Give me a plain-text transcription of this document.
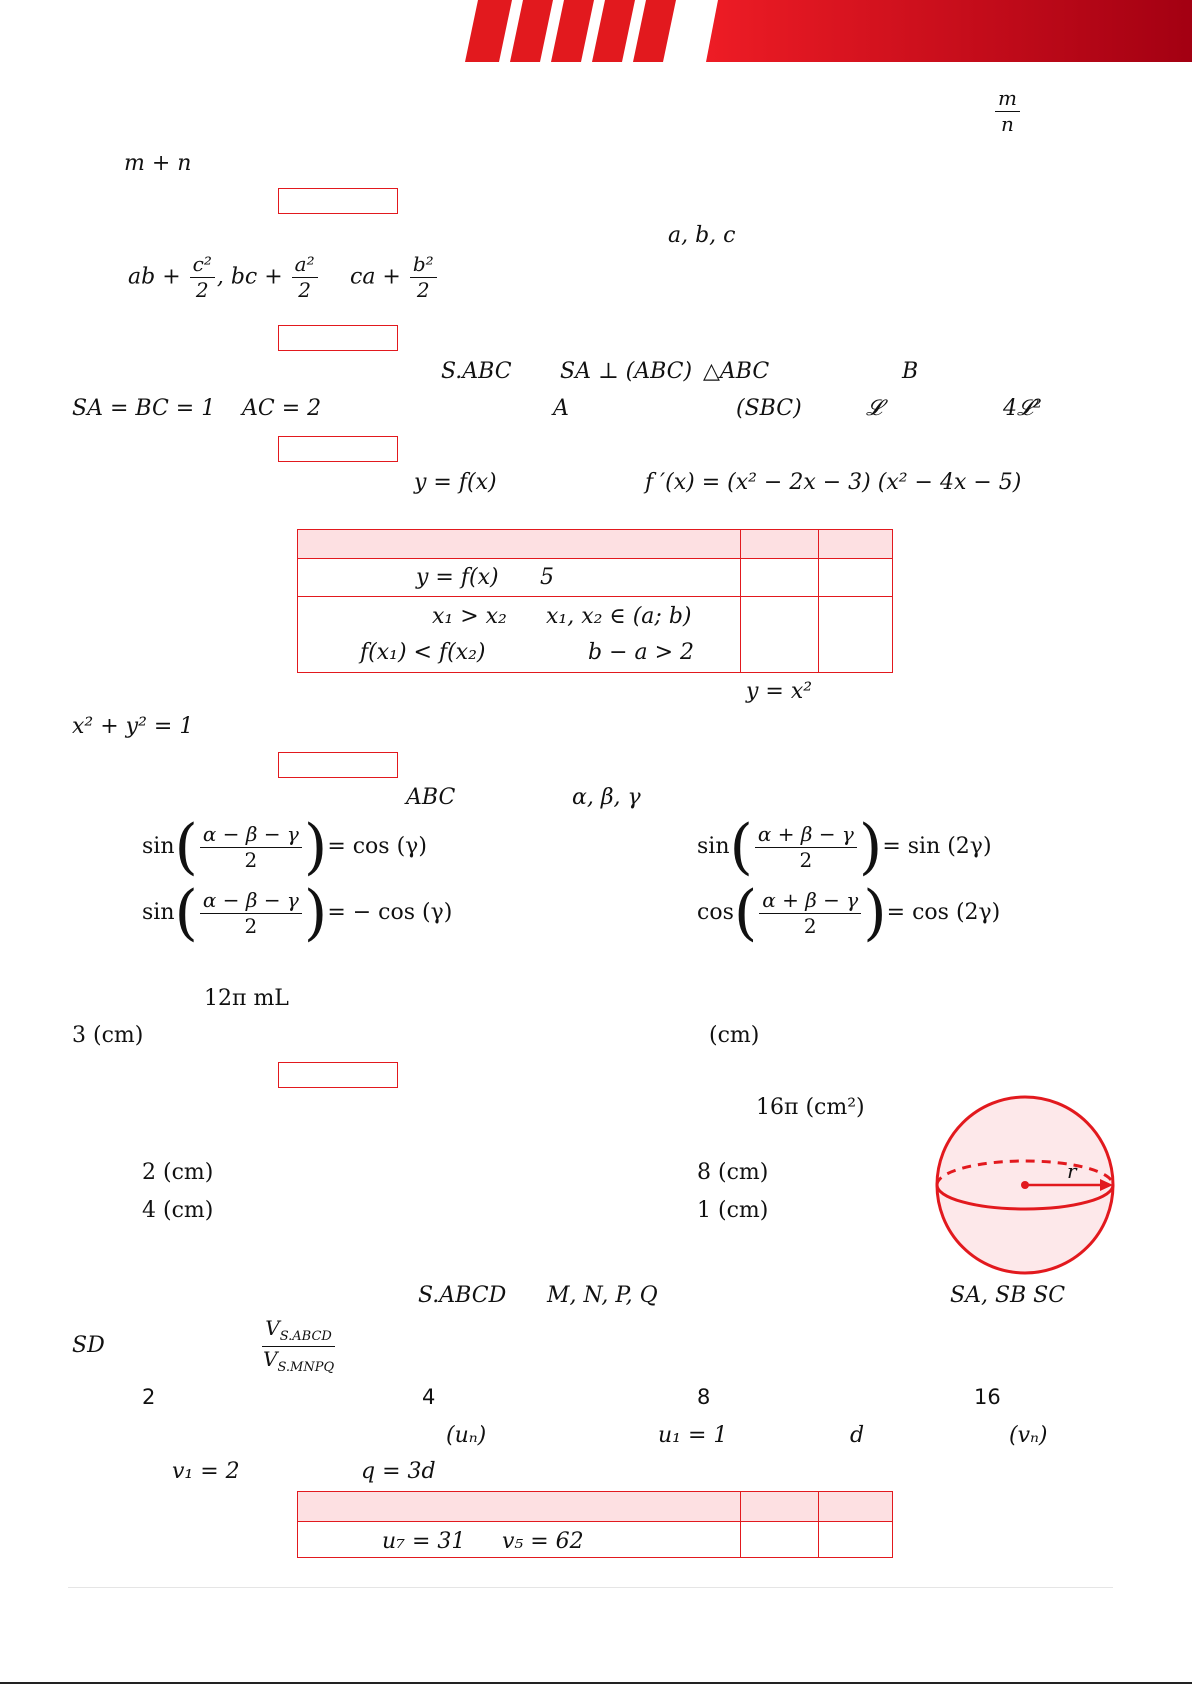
$\frac{m}{n}$
m + n
a, b, c
ab + $\frac{\text{c²}}{2}$ , bc + $\frac{\text{a²}}{2}$ ca + $\frac{\text{b²}}{2}$
S.ABC SA ⊥ (ABC) △ABC	B
SA = BC = 1 AC = 2	A	(SBC)	𝓛	4𝓛²
y = f(x)	f ′(x) = (x² − 2x − 3) (x² − 4x − 5)
y = f(x) 5
x₁ > x₂ x₁, x₂ ∈ (a; b)
f(x₁) < f(x₂)	b − a > 2
y = x²
x² + y² = 1
ABC	α, β, γ
$\sin( \frac{\alpha - \beta - \gamma}{2}$ )= cos (γ)	$\sin( \frac{\alpha + \beta - \gamma}{2}$ )= sin (2γ)
$\sin( \frac{\alpha - \beta - \gamma}{2}$ )= − cos (γ)	$\cos( \frac{\alpha + \beta - \gamma}{2}$ )= cos (2γ)
12π mL
3 (cm)	(cm)
16π (cm²)
2 (cm)	8 (cm)
4 (cm)	1 (cm)
r
S.ABCD M, N, P, Q	SA, SB SC
SD	$\frac{V_{S.ABCD}}{V_{S.MNPQ}}$
2	4	8	16
(uₙ)	u₁ = 1	d	(vₙ)
v₁ = 2	q = 3d
u₇ = 31 v₅ = 62
